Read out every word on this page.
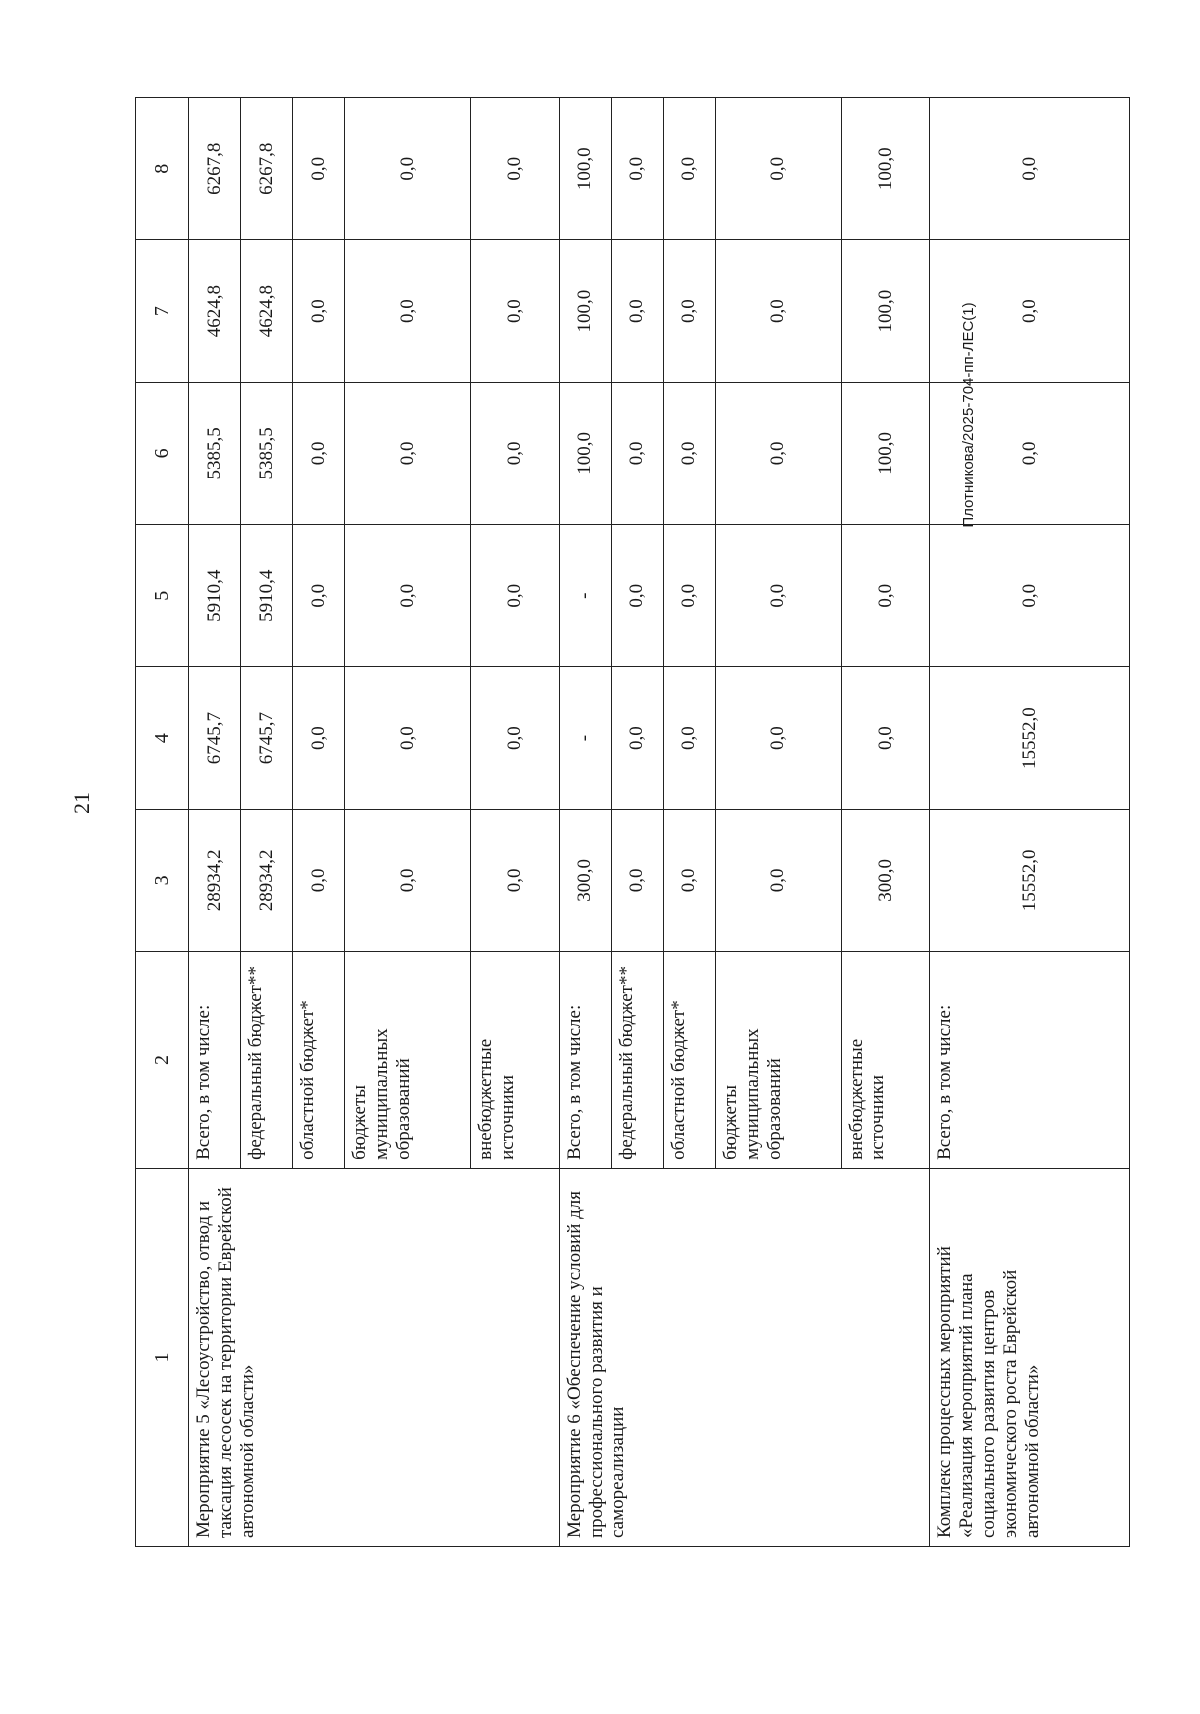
21
1	2	3	4	5	6	7	8
Мероприятие 5 «Лесоустройство, отвод и таксация лесосек на территории Еврейской автономной области»	Всего, в том числе:	28934,2	6745,7	5910,4	5385,5	4624,8	6267,8
	федеральный бюджет**	28934,2	6745,7	5910,4	5385,5	4624,8	6267,8
	областной бюджет*	0,0	0,0	0,0	0,0	0,0	0,0
	бюджеты муниципальных образований	0,0	0,0	0,0	0,0	0,0	0,0
	внебюджетные источники	0,0	0,0	0,0	0,0	0,0	0,0
Мероприятие 6 «Обеспечение условий для профессионального развития и самореализации	Всего, в том числе:	300,0	-	-	100,0	100,0	100,0
	федеральный бюджет**	0,0	0,0	0,0	0,0	0,0	0,0
	областной бюджет*	0,0	0,0	0,0	0,0	0,0	0,0
	бюджеты муниципальных образований	0,0	0,0	0,0	0,0	0,0	0,0
	внебюджетные источники	300,0	0,0	0,0	100,0	100,0	100,0
Комплекс процессных мероприятий «Реализация мероприятий плана социального развития центров экономического роста Еврейской автономной области»	Всего, в том числе:	15552,0	15552,0	0,0	0,0	0,0	0,0
Плотникова/2025-704-пп-ЛЕС(1)
